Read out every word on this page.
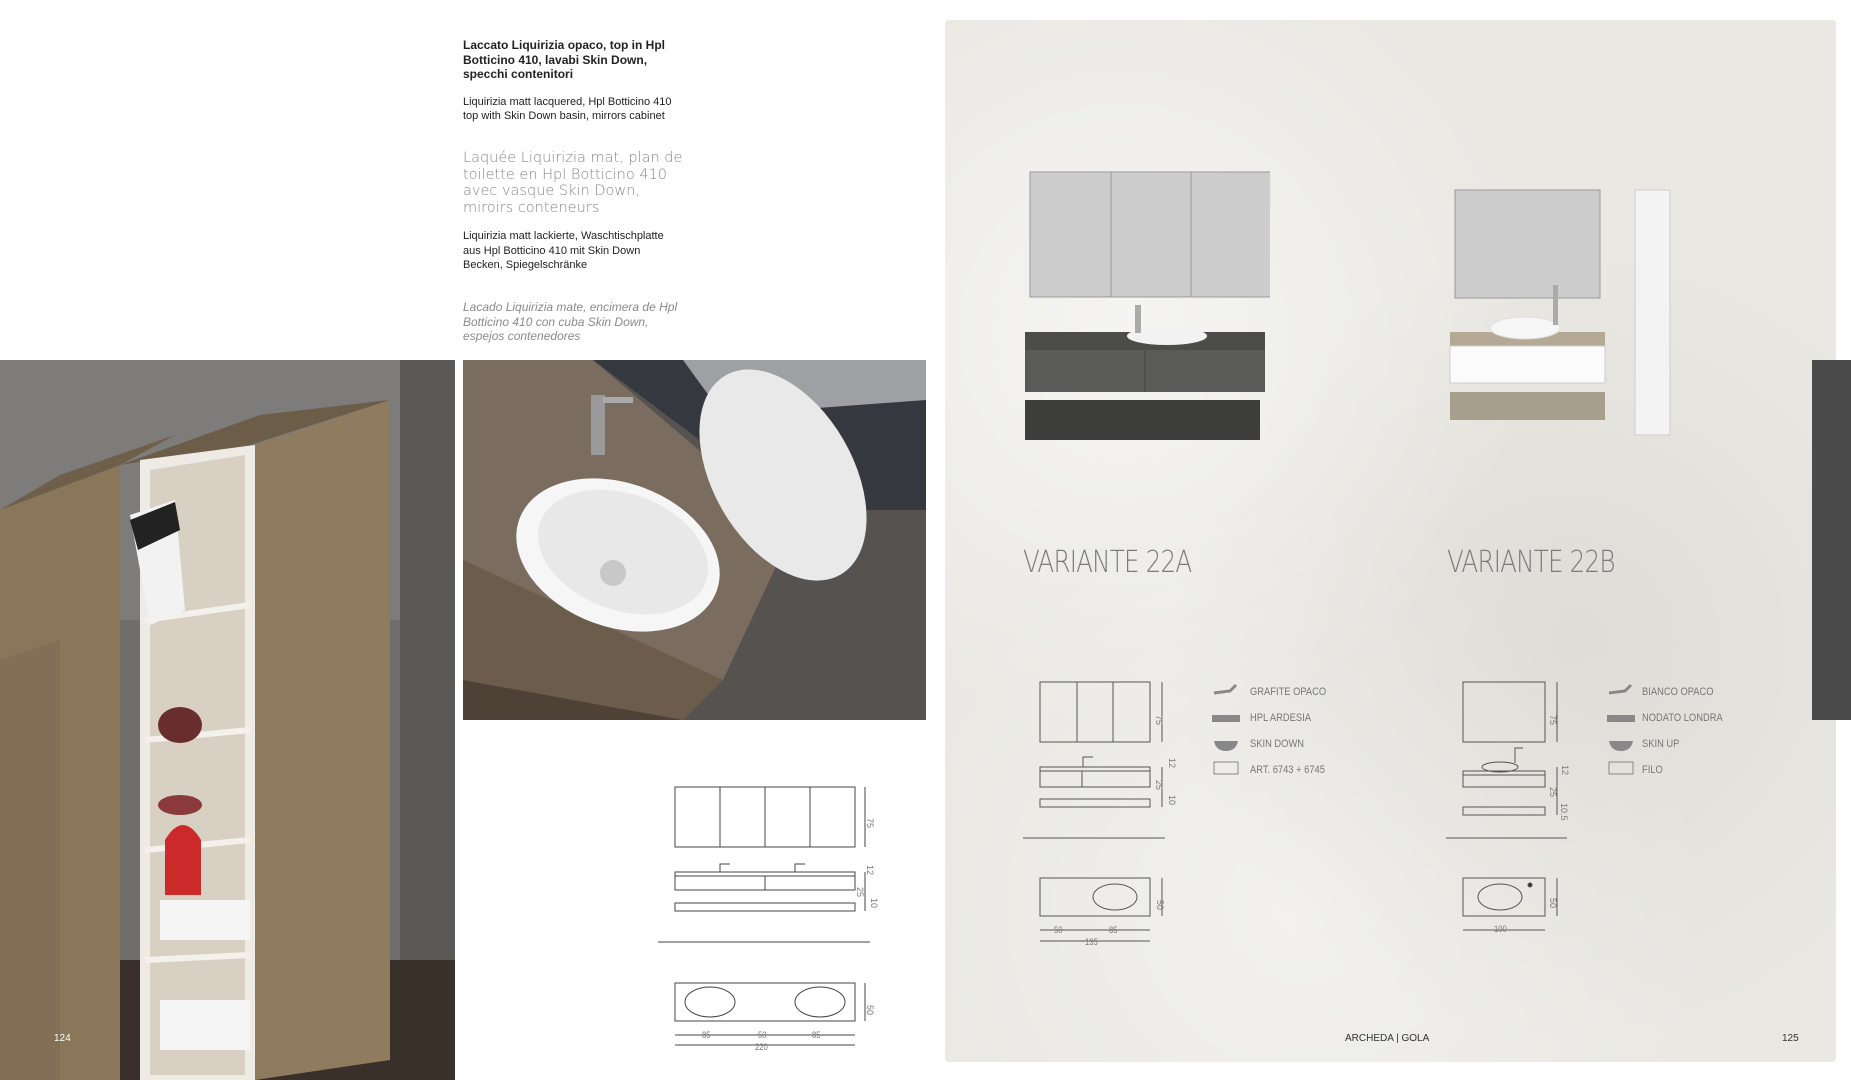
Laccato Liquirizia opaco, top in Hpl Botticino 410, lavabi Skin Down, specchi contenitori
Liquirizia matt lacquered, Hpl Botticino 410 top with Skin Down basin, mirrors cabinet
Laquée Liquirizia mat, plan de toilette en Hpl Botticino 410 avec vasque Skin Down, miroirs conteneurs
Liquirizia matt lackierte, Waschtischplatte aus Hpl Botticino 410 mit Skin Down Becken, Spiegelschränke
Lacado Liquirizia mate, encimera de Hpl Botticino 410 con cuba Skin Down, espejos contenedores
124
75
12
25
10
50
85	50	85
220
VARIANTE 22A	VARIANTE 22B
75
12
25
10
50
50	85
135
GRAFITE OPACO
HPL ARDESIA
SKIN DOWN
ART. 6743 + 6745
75
12
25
10.5
50
100
BIANCO OPACO
NODATO LONDRA
SKIN UP
FILO
ARCHEDA | GOLA	125
